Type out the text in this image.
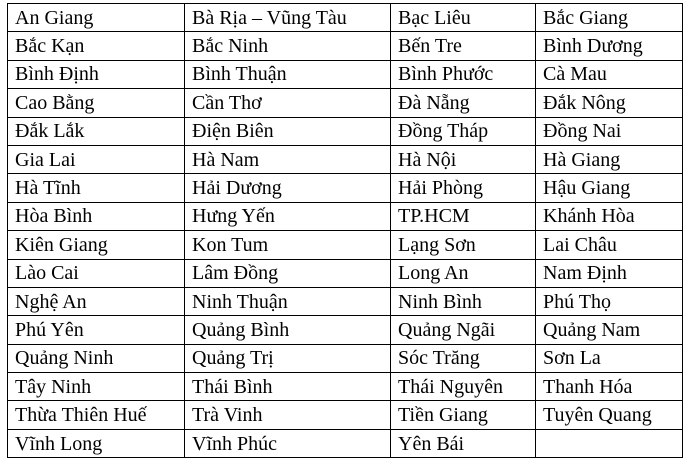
An Giang	Bà Rịa – Vũng Tàu	Bạc Liêu	Bắc Giang
Bắc Kạn	Bắc Ninh	Bến Tre	Bình Dương
Bình Định	Bình Thuận	Bình Phước	Cà Mau
Cao Bằng	Cần Thơ	Đà Nẵng	Đắk Nông
Đắk Lắk	Điện Biên	Đồng Tháp	Đồng Nai
Gia Lai	Hà Nam	Hà Nội	Hà Giang
Hà Tĩnh	Hải Dương	Hải Phòng	Hậu Giang
Hòa Bình	Hưng Yến	TP.HCM	Khánh Hòa
Kiên Giang	Kon Tum	Lạng Sơn	Lai Châu
Lào Cai	Lâm Đồng	Long An	Nam Định
Nghệ An	Ninh Thuận	Ninh Bình	Phú Thọ
Phú Yên	Quảng Bình	Quảng Ngãi	Quảng Nam
Quảng Ninh	Quảng Trị	Sóc Trăng	Sơn La
Tây Ninh	Thái Bình	Thái Nguyên	Thanh Hóa
Thừa Thiên Huế	Trà Vinh	Tiền Giang	Tuyên Quang
Vĩnh Long	Vĩnh Phúc	Yên Bái	
